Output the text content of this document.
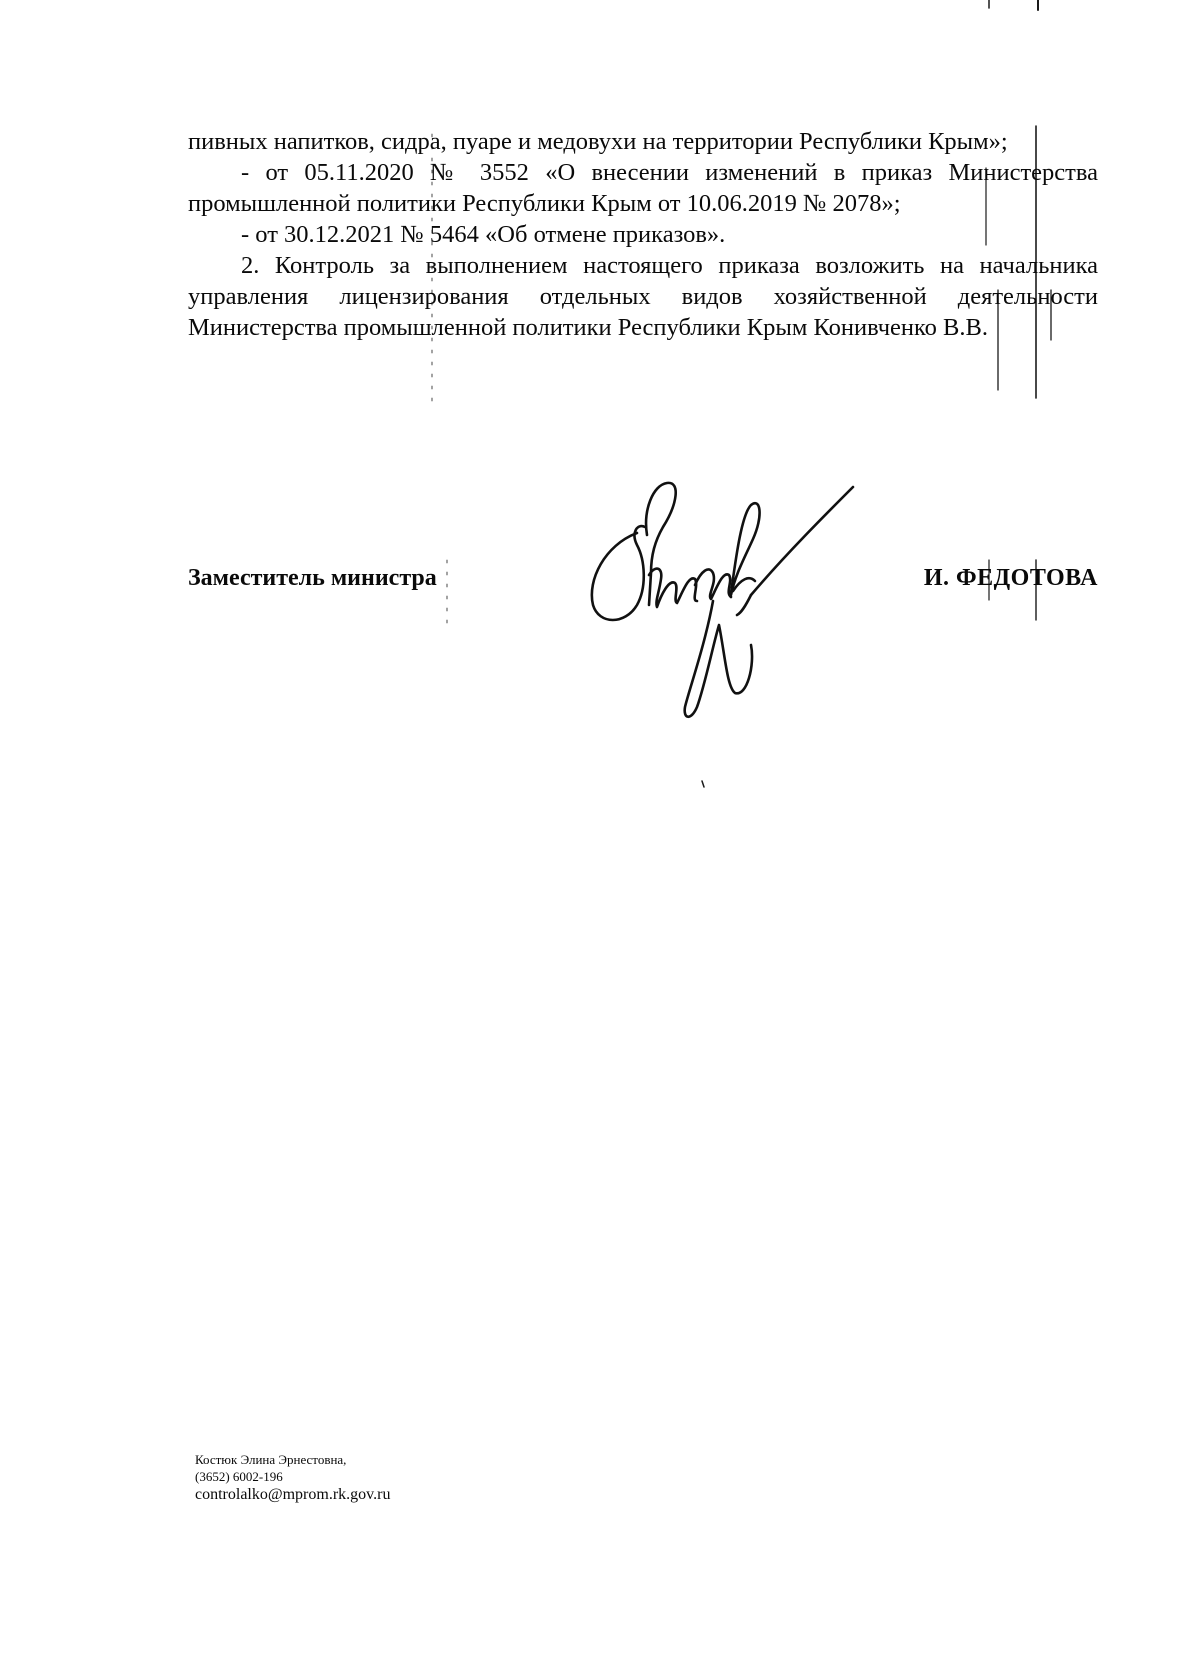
пивных напитков, сидра, пуаре и медовухи на территории Республики Крым»;

- от 05.11.2020 № 3552 «О внесении изменений в приказ Министерства промышленной политики Республики Крым от 10.06.2019 № 2078»;

- от 30.12.2021 № 5464 «Об отмене приказов».

2. Контроль за выполнением настоящего приказа возложить на начальника управления лицензирования отдельных видов хозяйственной деятельности Министерства промышленной политики Республики Крым Конивченко В.В.

Заместитель министра	И. ФЕДОТОВА
Костюк Элина Эрнестовна,
(3652) 6002-196
controlalko@mprom.rk.gov.ru
